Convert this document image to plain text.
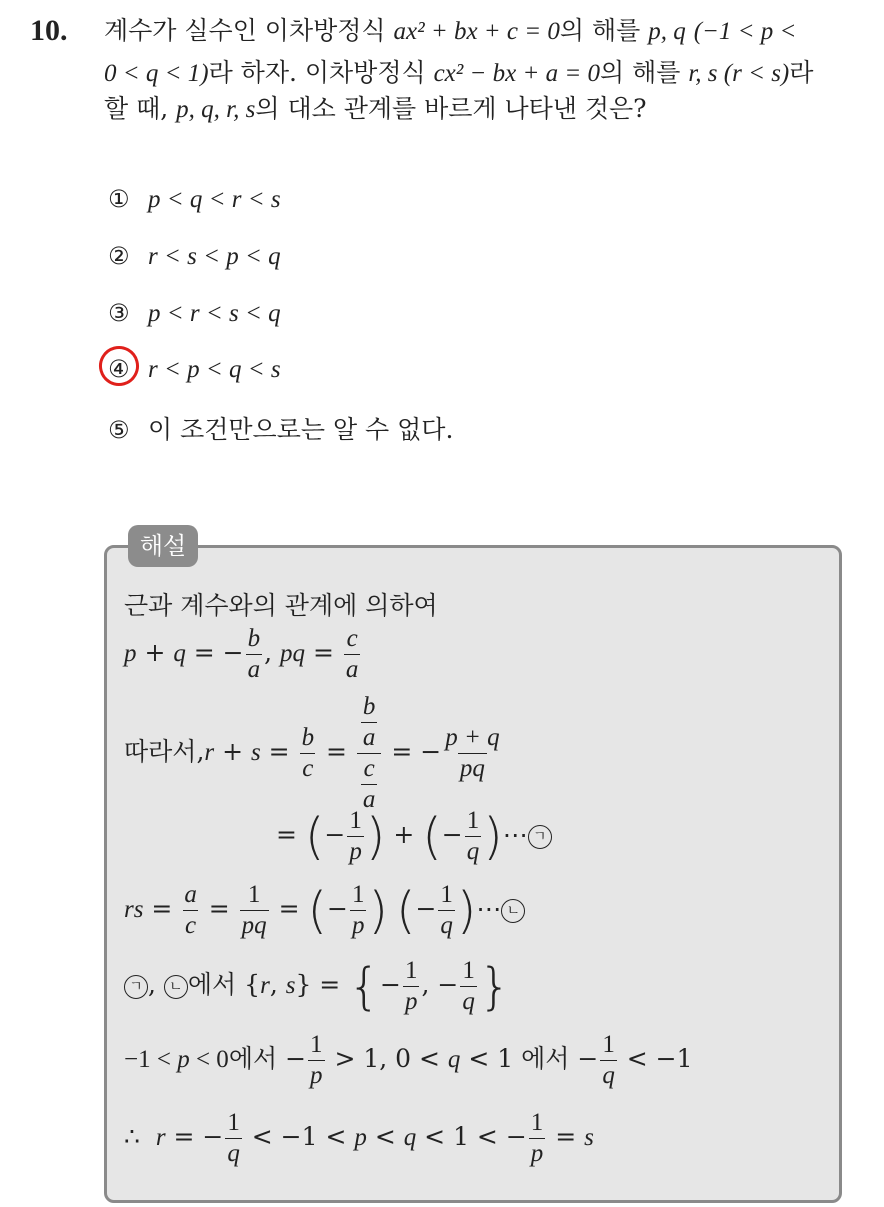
10. 계수가 실수인 이차방정식 ax² + bx + c = 0의 해를 p, q (−1 < p <
0 < q < 1)라 하자. 이차방정식 cx² − bx + a = 0의 해를 r, s (r < s)라
할 때, p, q, r, s의 대소 관계를 바르게 나타낸 것은?
① p < q < r < s
② r < s < p < q
③ p < r < s < q
④ r < p < q < s
⑤ 이 조건만으로는 알 수 없다.
해설
근과 계수와의 관계에 의하여
p + q = − $\frac{b}{a}$ , pq = $\frac{c}{a}$
따라서$,r + s = \frac{b}{c} = \frac{\frac{b}{a}}{\frac{c}{a}}$ = − $\frac{p + q}{pq}$
= (− $\frac{1}{p}$ ) + (− $\frac{1}{q}$ )⋯ ㄱ
rs = $\frac{a}{c} = \frac{1}{pq}$ = (− $\frac{1}{p}$ ) (− $\frac{1}{q}$ )⋯ ㄴ
ㄱ , ㄴ 에서 {r, s} = {− $\frac{1}{p}$ , − $\frac{1}{q}$ }
−1 < p < 0에서 − $\frac{1}{p} > 1$, 0 < q < 1 에서 − $\frac{1}{q} < -1$
∴  r = − $\frac{1}{q} < -1 < p < q < 1$ < − $\frac{1}{p} = s$
